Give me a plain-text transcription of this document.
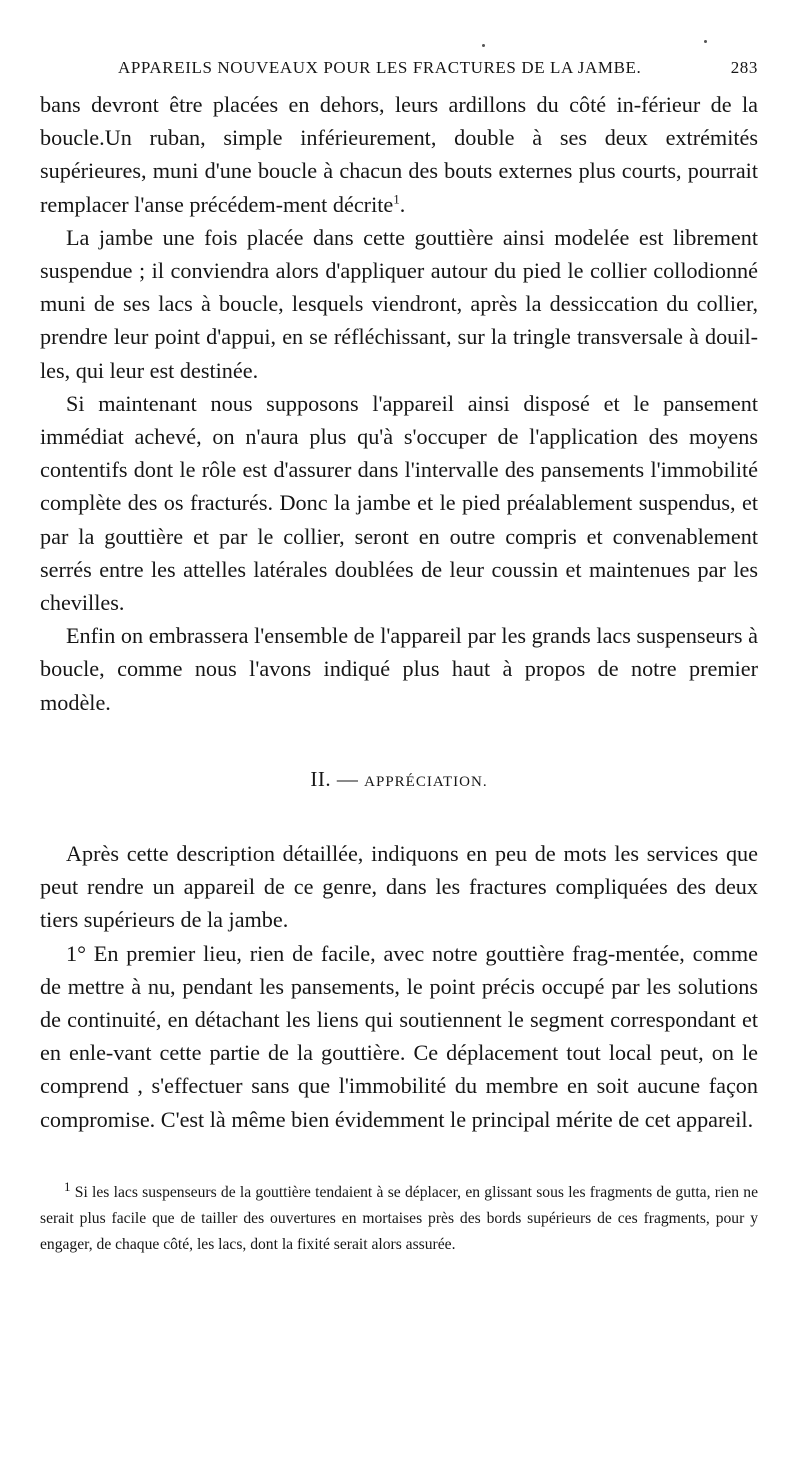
APPAREILS NOUVEAUX POUR LES FRACTURES DE LA JAMBE.	283

bans devront être placées en dehors, leurs ardillons du côté in-férieur de la boucle.Un ruban, simple inférieurement, double à ses deux extrémités supérieures, muni d'une boucle à chacun des bouts externes plus courts, pourrait remplacer l'anse précédem-ment décrite$^1$.

La jambe une fois placée dans cette gouttière ainsi modelée est librement suspendue ; il conviendra alors d'appliquer autour du pied le collier collodionné muni de ses lacs à boucle, lesquels viendront, après la dessiccation du collier, prendre leur point d'appui, en se réfléchissant, sur la tringle transversale à douil-les, qui leur est destinée.

Si maintenant nous supposons l'appareil ainsi disposé et le pansement immédiat achevé, on n'aura plus qu'à s'occuper de l'application des moyens contentifs dont le rôle est d'assurer dans l'intervalle des pansements l'immobilité complète des os fracturés. Donc la jambe et le pied préalablement suspendus, et par la gouttière et par le collier, seront en outre compris et convenablement serrés entre les attelles latérales doublées de leur coussin et maintenues par les chevilles.

Enfin on embrassera l'ensemble de l'appareil par les grands lacs suspenseurs à boucle, comme nous l'avons indiqué plus haut à propos de notre premier modèle.

II. — APPRÉCIATION.

Après cette description détaillée, indiquons en peu de mots les services que peut rendre un appareil de ce genre, dans les fractures compliquées des deux tiers supérieurs de la jambe.

1° En premier lieu, rien de facile, avec notre gouttière frag-mentée, comme de mettre à nu, pendant les pansements, le point précis occupé par les solutions de continuité, en détachant les liens qui soutiennent le segment correspondant et en enle-vant cette partie de la gouttière. Ce déplacement tout local peut, on le comprend , s'effectuer sans que l'immobilité du membre en soit aucune façon compromise. C'est là même bien évidemment le principal mérite de cet appareil.

$^1$ Si les lacs suspenseurs de la gouttière tendaient à se déplacer, en glissant sous les fragments de gutta, rien ne serait plus facile que de tailler des ouvertures en mortaises près des bords supérieurs de ces fragments, pour y engager, de chaque côté, les lacs, dont la fixité serait alors assurée.
